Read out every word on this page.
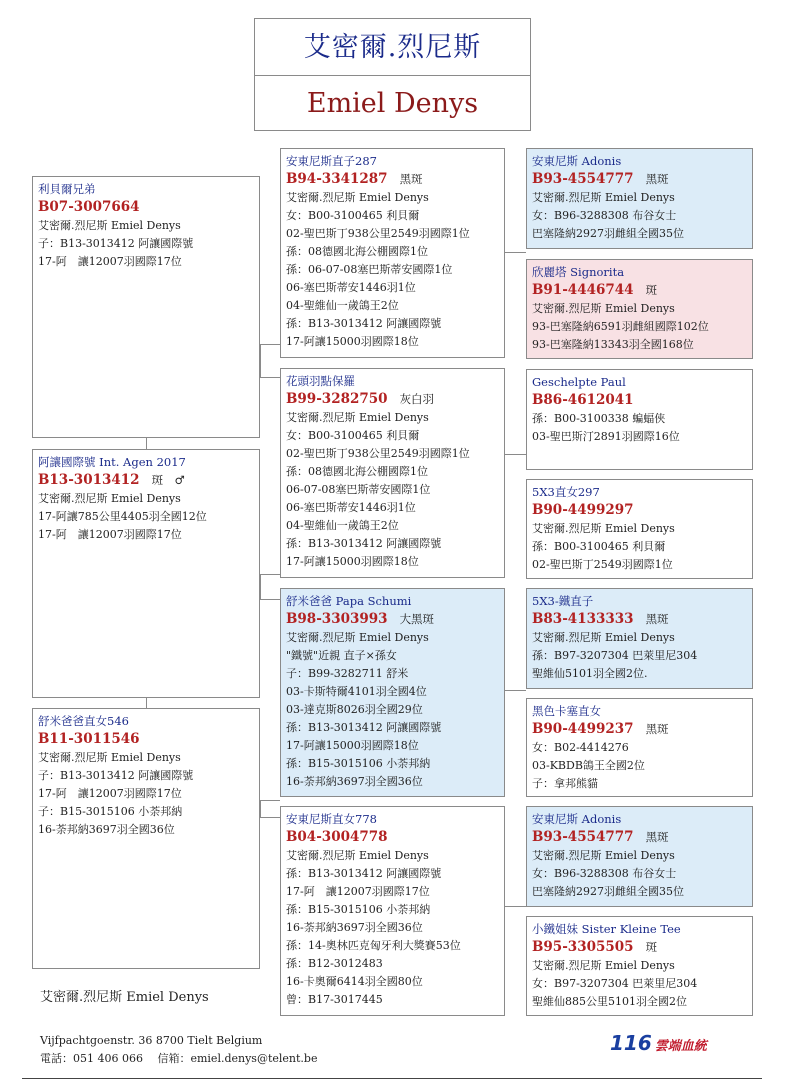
艾密爾.烈尼斯
Emiel Denys
利貝爾兄弟
B07-3007664
艾密爾.烈尼斯 Emiel Denys
子：B13-3013412 阿讓國際號
17-阿　讓12007羽國際17位
阿讓國際號 Int. Agen 2017
B13-3013412 斑　♂
艾密爾.烈尼斯 Emiel Denys
17-阿讓785公里4405羽全國12位
17-阿　讓12007羽國際17位
舒米爸爸直女546
B11-3011546
艾密爾.烈尼斯 Emiel Denys
子：B13-3013412 阿讓國際號
17-阿　讓12007羽國際17位
子：B15-3015106 小荼邦納
16-荼邦納3697羽全國36位
安東尼斯直子287
B94-3341287 黑斑
艾密爾.烈尼斯 Emiel Denys
女：B00-3100465 利貝爾
02-聖巴斯丁938公里2549羽國際1位
孫：08德國北海公棚國際1位
孫：06-07-08塞巴斯蒂安國際1位
06-塞巴斯蒂安1446羽1位
04-聖維仙一歲鴿王2位
孫：B13-3013412 阿讓國際號
17-阿讓15000羽國際18位
花頭羽點保羅
B99-3282750 灰白羽
艾密爾.烈尼斯 Emiel Denys
女：B00-3100465 利貝爾
02-聖巴斯丁938公里2549羽國際1位
孫：08德國北海公棚國際1位
06-07-08塞巴斯蒂安國際1位
06-塞巴斯蒂安1446羽1位
04-聖維仙一歲鴿王2位
孫：B13-3013412 阿讓國際號
17-阿讓15000羽國際18位
舒米爸爸 Papa Schumi
B98-3303993 大黑斑
艾密爾.烈尼斯 Emiel Denys
"鐵號"近親 直子×孫女
子：B99-3282711 舒米
03-卡斯特爾4101羽全國4位
03-達克斯8026羽全國29位
孫：B13-3013412 阿讓國際號
17-阿讓15000羽國際18位
孫：B15-3015106 小荼邦納
16-荼邦納3697羽全國36位
安東尼斯直女778
B04-3004778
艾密爾.烈尼斯 Emiel Denys
孫：B13-3013412 阿讓國際號
17-阿　讓12007羽國際17位
孫：B15-3015106 小荼邦納
16-荼邦納3697羽全國36位
孫：14-奧林匹克匈牙利大獎賽53位
孫：B12-3012483
16-卡奧爾6414羽全國80位
曾：B17-3017445
安東尼斯 Adonis
B93-4554777 黑斑
艾密爾.烈尼斯 Emiel Denys
女：B96-3288308 布谷女士
巴塞隆納2927羽雌組全國35位
欣麗塔 Signorita
B91-4446744 斑
艾密爾.烈尼斯 Emiel Denys
93-巴塞隆納6591羽雌組國際102位
93-巴塞隆納13343羽全國168位
Geschelpte Paul
B86-4612041
孫：B00-3100338 蝙蝠俠
03-聖巴斯汀2891羽國際16位
5X3直女297
B90-4499297
艾密爾.烈尼斯 Emiel Denys
孫：B00-3100465 利貝爾
02-聖巴斯丁2549羽國際1位
5X3-鐵直子
B83-4133333 黑斑
艾密爾.烈尼斯 Emiel Denys
孫：B97-3207304 巴萊里尼304
聖維仙5101羽全國2位.
黑色卡塞直女
B90-4499237 黑斑
女：B02-4414276
03-KBDB鴿王全國2位
子：拿邦熊貓
安東尼斯 Adonis
B93-4554777 黑斑
艾密爾.烈尼斯 Emiel Denys
女：B96-3288308 布谷女士
巴塞隆納2927羽雌組全國35位
小鐵姐妹 Sister Kleine Tee
B95-3305505 斑
艾密爾.烈尼斯 Emiel Denys
女：B97-3207304 巴萊里尼304
聖維仙885公里5101羽全國2位
艾密爾.烈尼斯 Emiel Denys
Vijfpachtgoenstr. 36 8700 Tielt Belgium
電話：051 406 066　 信箱：emiel.denys@telent.be
116 雲端血統
